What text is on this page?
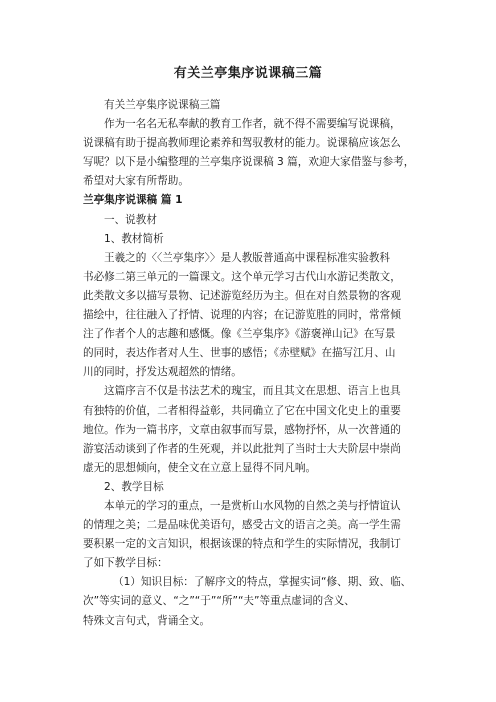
有关兰亭集序说课稿三篇

有关兰亭集序说课稿三篇

作为一名名无私奉献的教育工作者，就不得不需要编写说课稿，

说课稿有助于提高教师理论素养和驾驭教材的能力。说课稿应该怎么

写呢？以下是小编整理的兰亭集序说课稿 3 篇，欢迎大家借鉴与参考，

希望对大家有所帮助。

兰亭集序说课稿 篇 1

一、说教材

1、教材简析

王羲之的〈〈兰亭集序〉〉是人教版普通高中课程标准实验教科

书必修二第三单元的一篇课文。这个单元学习古代山水游记类散文，

此类散文多以描写景物、记述游览经历为主。但在对自然景物的客观

描绘中，往往融入了抒情、说理的内容；在记游览胜的同时，常常倾

注了作者个人的志趣和感慨。像《兰亭集序》《游褒禅山记》在写景

的同时，表达作者对人生、世事的感悟；《赤壁赋》在描写江月、山

川的同时，抒发达观超然的情绪。

这篇序言不仅是书法艺术的瑰宝，而且其文在思想、语言上也具

有独特的价值，二者相得益彰，共同确立了它在中国文化史上的重要

地位。作为一篇书序，文章由叙事而写景，感物抒怀，从一次普通的

游宴活动谈到了作者的生死观，并以此批判了当时士大夫阶层中崇尚

虚无的思想倾向，使全文在立意上显得不同凡响。

2、教学目标

本单元的学习的重点，一是赏析山水风物的自然之美与抒情谊认

的情理之美；二是品味优美语句，感受古文的语言之美。高一学生需

要积累一定的文言知识，根据该课的特点和学生的实际情况，我制订

了如下教学目标：

（1）知识目标：了解序文的特点，掌握实词“修、期、致、临、

次”等实词的意义、“之”“于”“所”“夫”等重点虚词的含义、

特殊文言句式，背诵全文。
